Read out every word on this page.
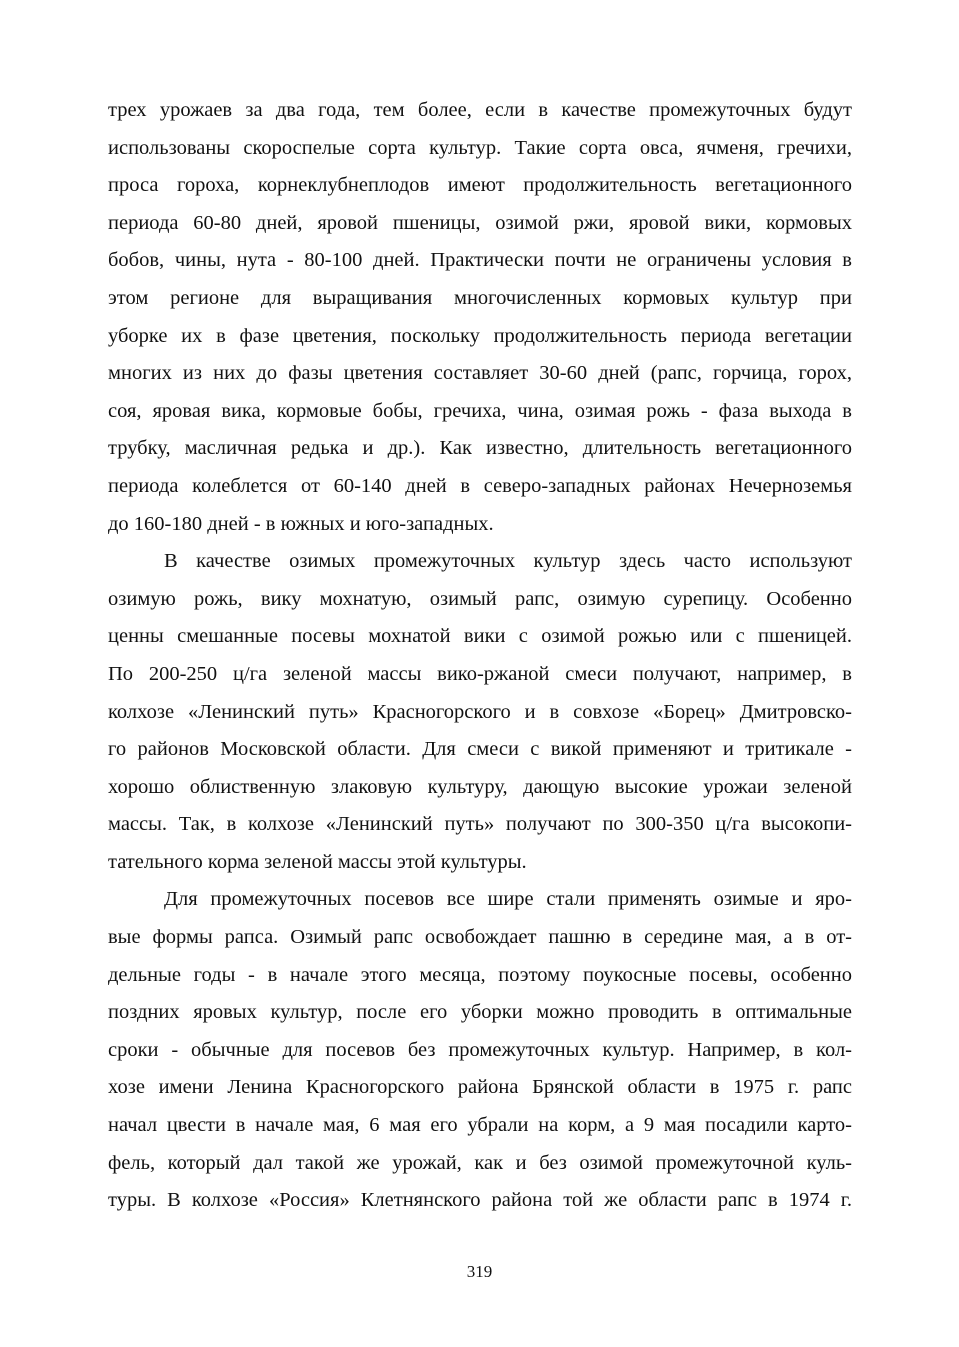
трех урожаев за два года, тем более, если в качестве промежуточных будут
использованы скороспелые сорта культур. Такие сорта овса, ячменя, гречихи,
проса гороха, корнеклубнеплодов имеют продолжительность вегетационного
периода 60-80 дней, яровой пшеницы, озимой ржи, яровой вики, кормовых
бобов, чины, нута - 80-100 дней. Практически почти не ограничены условия в
этом регионе для выращивания многочисленных кормовых культур при
уборке их в фазе цветения, поскольку продолжительность периода вегетации
многих из них до фазы цветения составляет 30-60 дней (рапс, горчица, горох,
соя, яровая вика, кормовые бобы, гречиха, чина, озимая рожь - фаза выхода в
трубку, масличная редька и др.). Как известно, длительность вегетационного
периода колеблется от 60-140 дней в северо-западных районах Нечерноземья
до 160-180 дней - в южных и юго-западных.
В качестве озимых промежуточных культур здесь часто используют
озимую рожь, вику мохнатую, озимый рапс, озимую сурепицу. Особенно
ценны смешанные посевы мохнатой вики с озимой рожью или с пшеницей.
По 200-250 ц/га зеленой массы вико-ржаной смеси получают, например, в
колхозе «Ленинский путь» Красногорского и в совхозе «Борец» Дмитровско-
го районов Московской области. Для смеси с викой применяют и тритикале -
хорошо облиственную злаковую культуру, дающую высокие урожаи зеленой
массы. Так, в колхозе «Ленинский путь» получают по 300-350 ц/га высокопи-
тательного корма зеленой массы этой культуры.
Для промежуточных посевов все шире стали применять озимые и яро-
вые формы рапса. Озимый рапс освобождает пашню в середине мая, а в от-
дельные годы - в начале этого месяца, поэтому поукосные посевы, особенно
поздних яровых культур, после его уборки можно проводить в оптимальные
сроки - обычные для посевов без промежуточных культур. Например, в кол-
хозе имени Ленина Красногорского района Брянской области в 1975 г. рапс
начал цвести в начале мая, 6 мая его убрали на корм, а 9 мая посадили карто-
фель, который дал такой же урожай, как и без озимой промежуточной куль-
туры. В колхозе «Россия» Клетнянского района той же области рапс в 1974 г.
319
